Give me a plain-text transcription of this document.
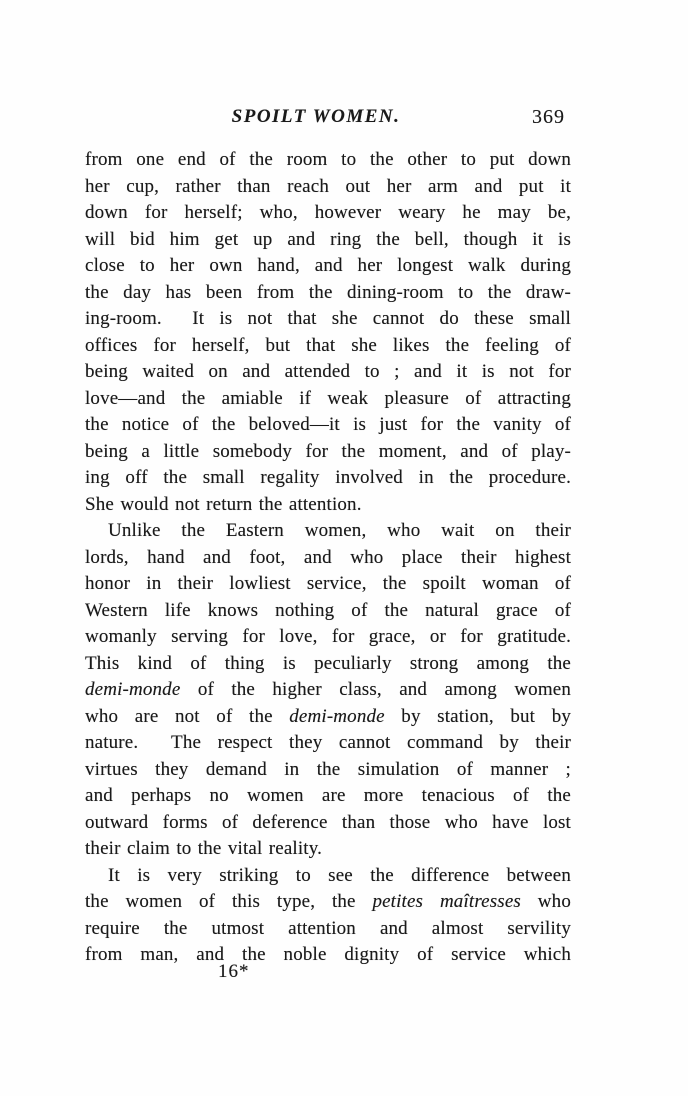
SPOILT WOMEN.	369
from one end of the room to the other to put down
her cup, rather than reach out her arm and put it
down for herself; who, however weary he may be,
will bid him get up and ring the bell, though it is
close to her own hand, and her longest walk during
the day has been from the dining-room to the draw-
ing-room.  It is not that she cannot do these small
offices for herself, but that she likes the feeling of
being waited on and attended to ; and it is not for
love—and the amiable if weak pleasure of attracting
the notice of the beloved—it is just for the vanity of
being a little somebody for the moment, and of play-
ing off the small regality involved in the procedure.
She would not return the attention.
Unlike the Eastern women, who wait on their
lords, hand and foot, and who place their highest
honor in their lowliest service, the spoilt woman of
Western life knows nothing of the natural grace of
womanly serving for love, for grace, or for gratitude.
This kind of thing is peculiarly strong among the
demi-monde of the higher class, and among women
who are not of the demi-monde by station, but by
nature.  The respect they cannot command by their
virtues they demand in the simulation of manner ;
and perhaps no women are more tenacious of the
outward forms of deference than those who have lost
their claim to the vital reality.
It is very striking to see the difference between
the women of this type, the petites maîtresses who
require the utmost attention and almost servility
from man, and the noble dignity of service which
16*
